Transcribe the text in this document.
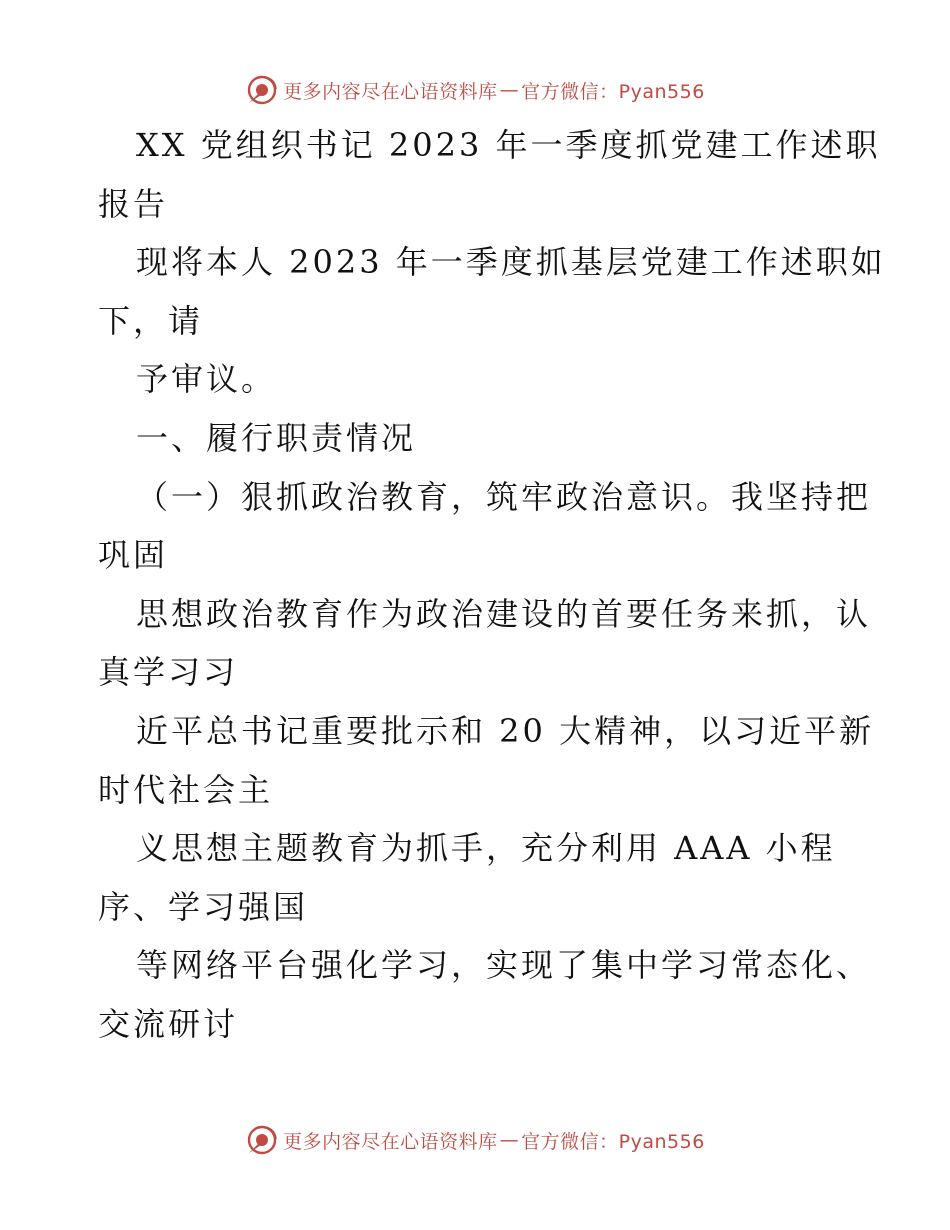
更多内容尽在心语资料库 — 官方微信：Pyan556
XX 党组织书记 2023 年一季度抓党建工作述职
报告
现将本人 2023 年一季度抓基层党建工作述职如
下，请
予审议。
一、履行职责情况
（一）狠抓政治教育，筑牢政治意识。我坚持把
巩固
思想政治教育作为政治建设的首要任务来抓，认
真学习习
近平总书记重要批示和 20 大精神，以习近平新
时代社会主
义思想主题教育为抓手，充分利用 AAA 小程
序、学习强国
等网络平台强化学习，实现了集中学习常态化、
交流研讨
更多内容尽在心语资料库 — 官方微信：Pyan556
